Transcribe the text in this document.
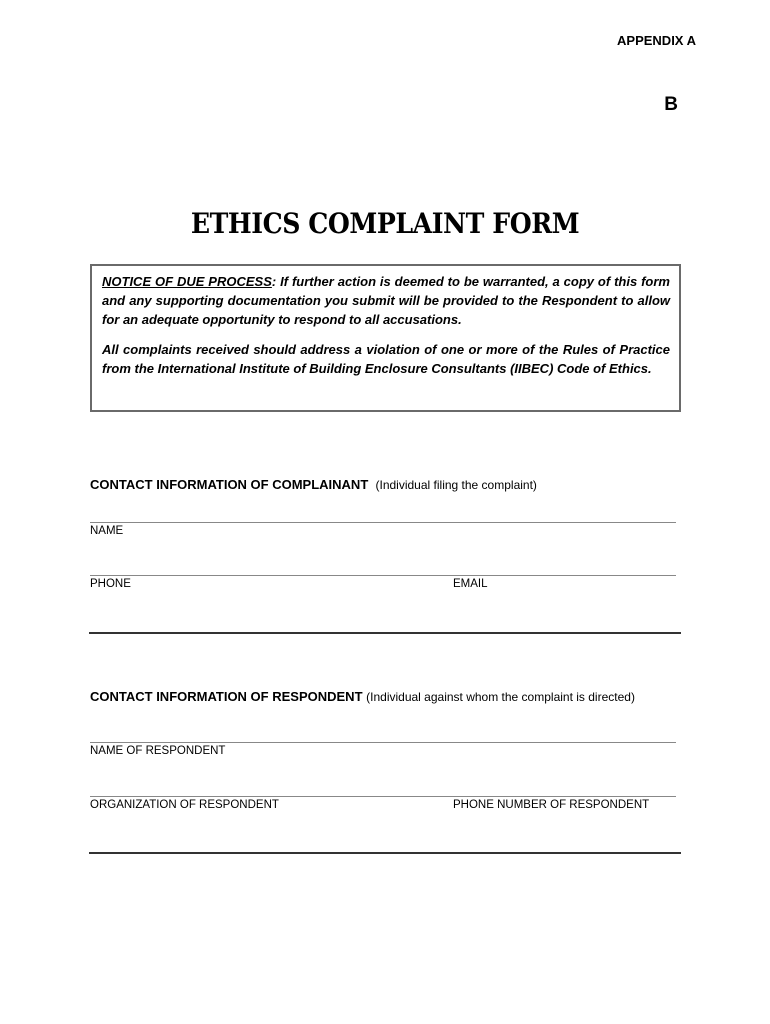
APPENDIX A
B
ETHICS COMPLAINT FORM

NOTICE OF DUE PROCESS: If further action is deemed to be warranted, a copy of this form and any supporting documentation you submit will be provided to the Respondent to allow for an adequate opportunity to respond to all accusations.

All complaints received should address a violation of one or more of the Rules of Practice from the International Institute of Building Enclosure Consultants (IIBEC) Code of Ethics.

CONTACT INFORMATION OF COMPLAINANT (Individual filing the complaint)
NAME
PHONE	EMAIL
CONTACT INFORMATION OF RESPONDENT (Individual against whom the complaint is directed)
NAME OF RESPONDENT
ORGANIZATION OF RESPONDENT	PHONE NUMBER OF RESPONDENT
